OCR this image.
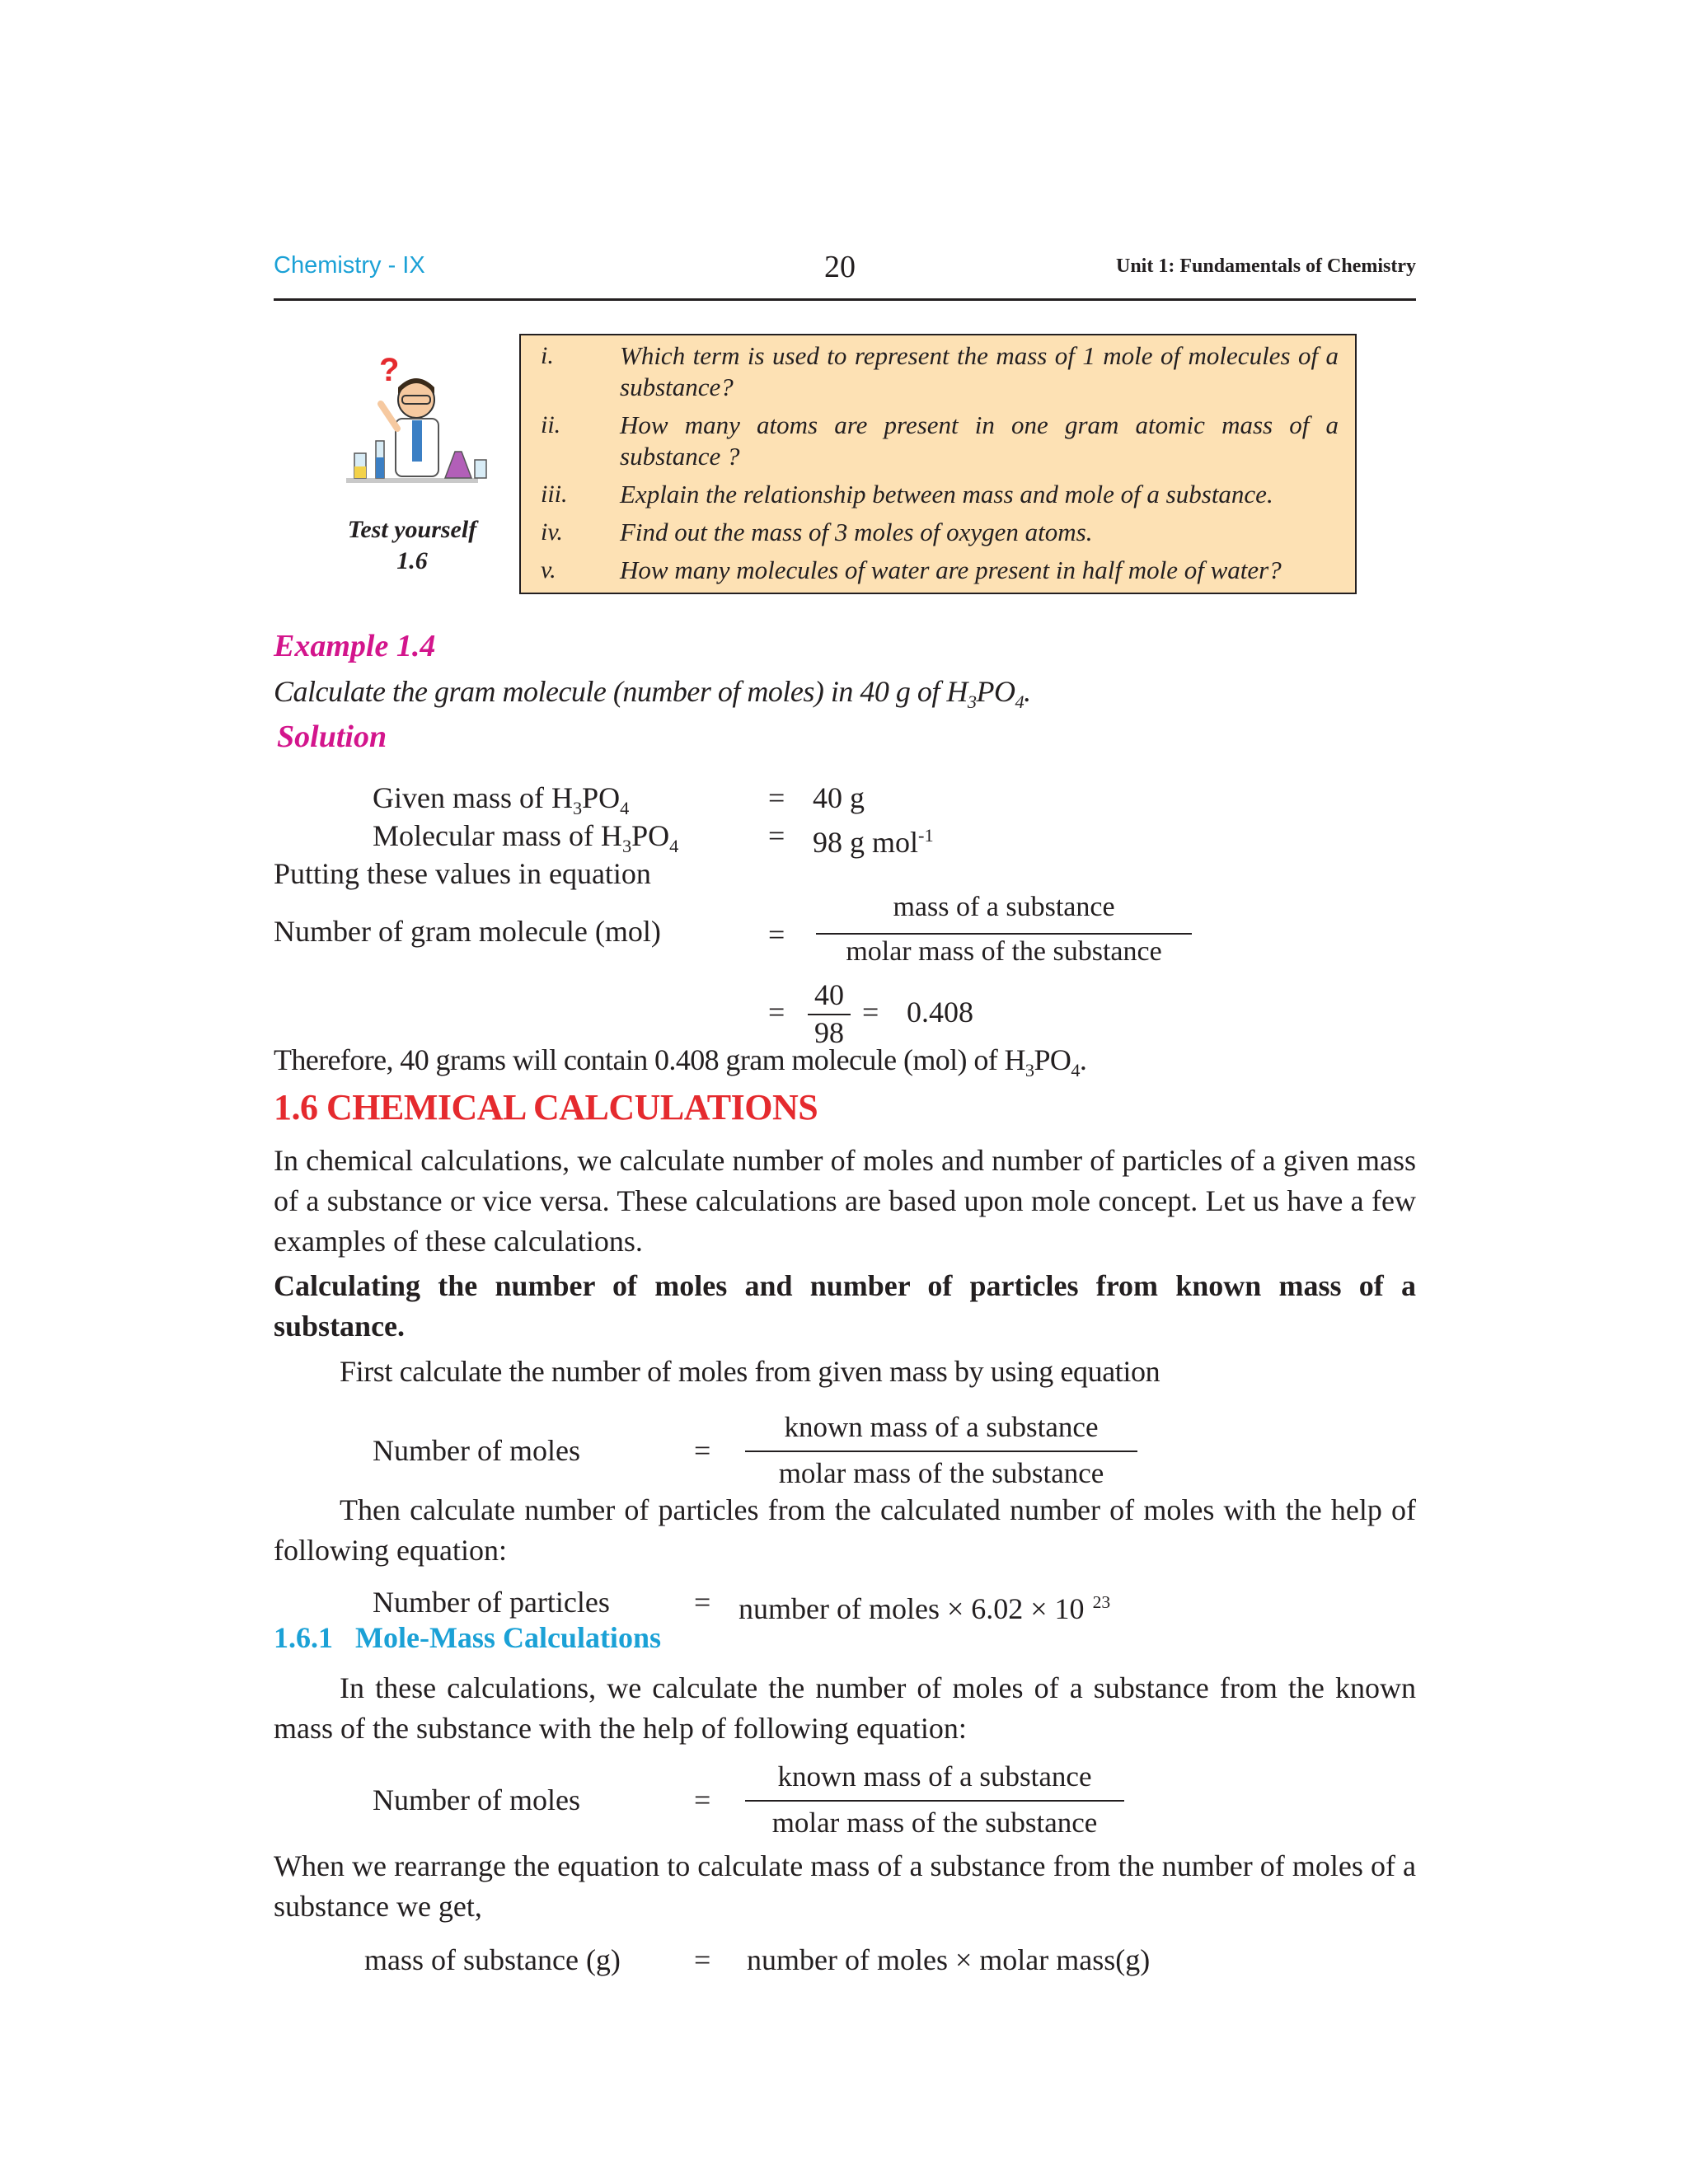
Chemistry - IX	20	Unit 1: Fundamentals of Chemistry
?
Test yourself
1.6
i.	Which term is used to represent the mass of 1 mole of molecules of a
substance?
ii. How many atoms are present in one gram atomic mass of a
substance ?
iii. Explain the relationship between mass and mole of a substance.
iv. Find out the mass of 3 moles of oxygen atoms.
v. How many molecules of water are present in half mole of water?
Example 1.4
Calculate the gram molecule (number of moles) in 40 g of $H_3PO_4$.
Solution
Given mass of $H_3PO_4$	= 40 g
Molecular mass of $H_3PO_4$	= 98 g mol$^{-1}$
Putting these values in equation
Number of gram molecule (mol)	=
mass of a substance
molar mass of the substance
=
40
98
= 0.408
Therefore, 40 grams will contain 0.408 gram molecule (mol) of $H_3PO_4$.
1.6 CHEMICAL CALCULATIONS
In chemical calculations, we calculate number of moles and number of particles of a given mass of a substance or vice versa. These calculations are based upon mole concept. Let us have a few examples of these calculations.
Calculating the number of moles and number of particles from known mass of a substance.
First calculate the number of moles from given mass by using equation
Number of moles	=
known mass of a substance
molar mass of the substance
Then calculate number of particles from the calculated number of moles with the help of following equation:
Number of particles	= number of moles × 6.02 × 10 $^{23}$
1.6.1   Mole-Mass Calculations
In these calculations, we calculate the number of moles of a substance from the known mass of the substance with the help of following equation:
Number of moles	=
known mass of a substance
molar mass of the substance
When we rearrange the equation to calculate mass of a substance from the number of moles of a substance we get,
mass of substance (g) = number of moles × molar mass(g)
